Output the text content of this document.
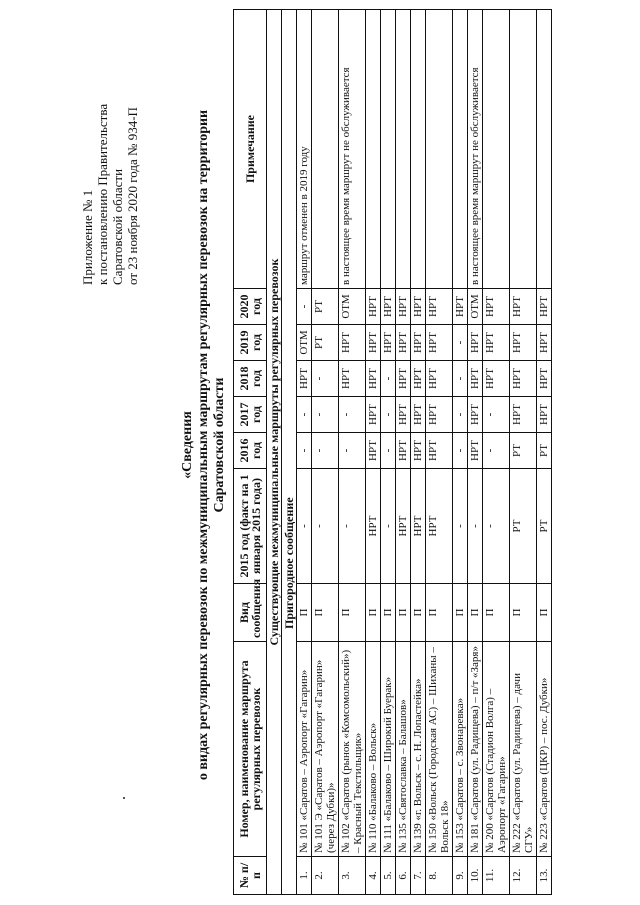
Приложение № 1 к постановлению Правительства Саратовской области от 23 ноября 2020 года № 934-П
«Сведения о видах регулярных перевозок по межмуниципальным маршрутам регулярных перевозок на территории Саратовской области
№ п/п	Номер, наименование маршрута регулярных перевозок	Вид сообщения	2015 год (факт на 1 января 2015 года)	2016 год	2017 год	2018 год	2019 год	2020 год	Примечание
Существующие межмуниципальные маршруты регулярных перевозок									
Пригородное сообщение									
1.	№ 101 «Саратов – Аэропорт «Гагарин»	П	-	-	-	НРТ	ОТМ	-	маршрут отменен в 2019 году
2.	№ 101 Э «Саратов – Аэропорт «Гагарин» (через Дубки)»	П	-	-	-	-	РТ	РТ	
3.	№ 102 «Саратов (рынок «Комсомольский») – Красный Текстильщик»	П	-	-	-	НРТ	НРТ	ОТМ	в настоящее время маршрут не обслуживается
4.	№ 110 «Балаково – Вольск»	П	НРТ	НРТ	НРТ	НРТ	НРТ	НРТ	
5.	№ 111 «Балаково – Широкий Буерак»	П	-	-	-	-	НРТ	НРТ	
6.	№ 135 «Святославка – Балашов»	П	НРТ	НРТ	НРТ	НРТ	НРТ	НРТ	
7.	№ 139 «г. Вольск – с. Н. Лопастейка»	П	НРТ	НРТ	НРТ	НРТ	НРТ	НРТ	
8.	№ 150 «Вольск (Городская АС) – Шиханы – Вольск 18»	П	НРТ	НРТ	НРТ	НРТ	НРТ	НРТ	
9.	№ 153 «Саратов – с. Звонаревка»	П	-	-	-	-	-	НРТ	
10.	№ 181 «Саратов (ул. Радищева) – п/т «Заря»	П	-	НРТ	НРТ	НРТ	НРТ	ОТМ	в настоящее время маршрут не обслуживается
11.	№ 200 «Саратов (Стадион Волга) – Аэропорт «Гагарин»	П	-	-	-	НРТ	НРТ	НРТ	
12.	№ 222 «Саратов (ул. Радищева) – дачи СГУ»	П	РТ	РТ	НРТ	НРТ	НРТ	НРТ	
13.	№ 223 «Саратов (ЦКР) – пос. Дубки»	П	РТ	РТ	НРТ	НРТ	НРТ	НРТ	
